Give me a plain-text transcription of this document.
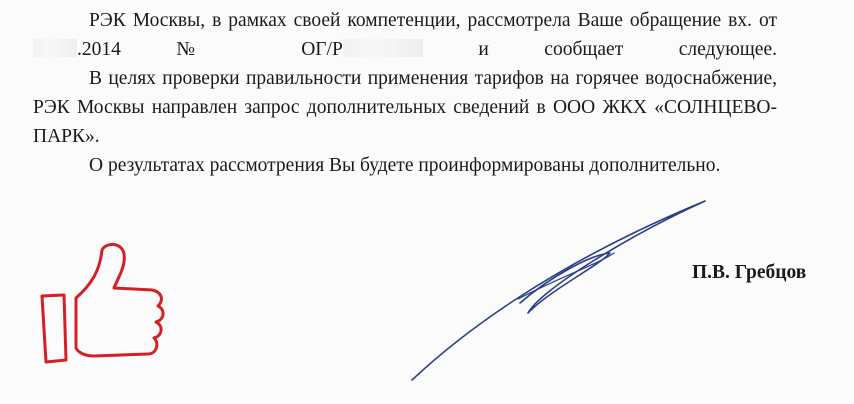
РЭК Москвы, в рамках своей компетенции, рассмотрела Ваше обращение вх. от .2014 № ОГ/Р	и сообщает следующее.

В целях проверки правильности применения тарифов на горячее водоснабжение, РЭК Москвы направлен запрос дополнительных сведений в ООО ЖКХ «СОЛНЦЕВО-ПАРК».

О результатах рассмотрения Вы будете проинформированы дополнительно.

П.В. Гребцов
